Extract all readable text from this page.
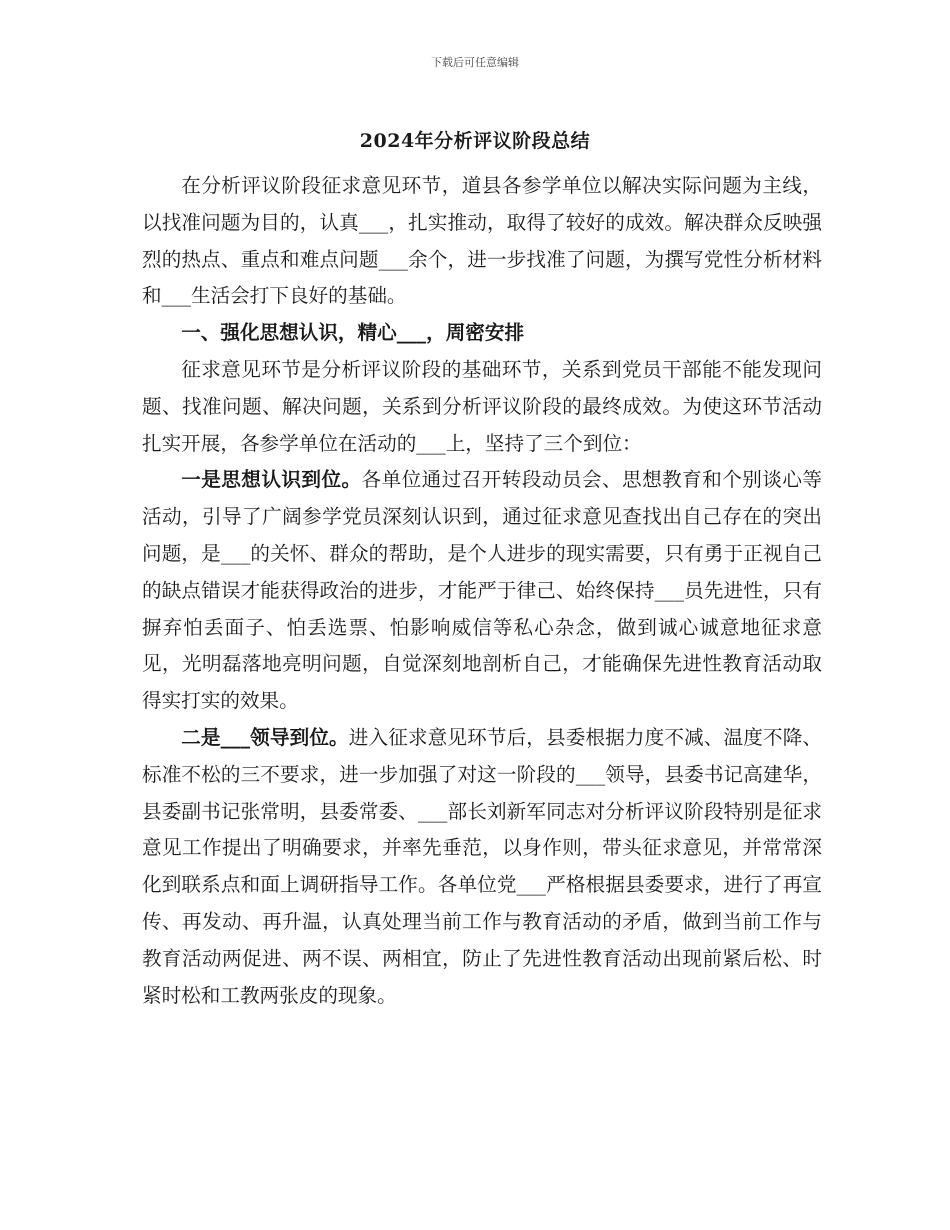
下载后可任意编辑
2024年分析评议阶段总结

在分析评议阶段征求意见环节，道县各参学单位以解决实际问题为主线，以找准问题为目的，认真___，扎实推动，取得了较好的成效。解决群众反映强烈的热点、重点和难点问题___余个，进一步找准了问题，为撰写党性分析材料和___生活会打下良好的基础。

一、强化思想认识，精心___，周密安排

征求意见环节是分析评议阶段的基础环节，关系到党员干部能不能发现问题、找准问题、解决问题，关系到分析评议阶段的最终成效。为使这环节活动扎实开展，各参学单位在活动的___上，坚持了三个到位：

一是思想认识到位。各单位通过召开转段动员会、思想教育和个别谈心等活动，引导了广阔参学党员深刻认识到，通过征求意见查找出自己存在的突出问题，是___的关怀、群众的帮助，是个人进步的现实需要，只有勇于正视自己的缺点错误才能获得政治的进步，才能严于律己、始终保持___员先进性，只有摒弃怕丢面子、怕丢选票、怕影响威信等私心杂念，做到诚心诚意地征求意见，光明磊落地亮明问题，自觉深刻地剖析自己，才能确保先进性教育活动取得实打实的效果。

二是___领导到位。进入征求意见环节后，县委根据力度不减、温度不降、标准不松的三不要求，进一步加强了对这一阶段的___领导，县委书记高建华，县委副书记张常明，县委常委、___部长刘新军同志对分析评议阶段特别是征求意见工作提出了明确要求，并率先垂范，以身作则，带头征求意见，并常常深化到联系点和面上调研指导工作。各单位党___严格根据县委要求，进行了再宣传、再发动、再升温，认真处理当前工作与教育活动的矛盾，做到当前工作与教育活动两促进、两不误、两相宜，防止了先进性教育活动出现前紧后松、时紧时松和工教两张皮的现象。
